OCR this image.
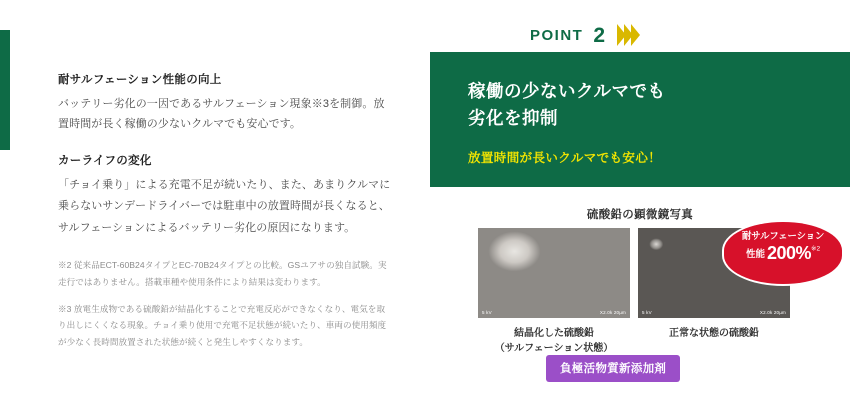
耐サルフェーション性能の向上

バッテリー劣化の一因であるサルフェーション現象※3を制御。放置時間が長く稼働の少ないクルマでも安心です。

カーライフの変化

「チョイ乗り」による充電不足が続いたり、また、あまりクルマに乗らないサンデードライバーでは駐車中の放置時間が長くなると、サルフェーションによるバッテリー劣化の原因になります。

※2 従来品ECT-60B24タイプとEC-70B24タイプとの比較。GSユアサの独自試験。実走行ではありません。搭載車種や使用条件により結果は変わります。

※3 放電生成物である硫酸鉛が結晶化することで充電反応ができなくなり、電気を取り出しにくくなる現象。チョイ乗り使用で充電不足状態が続いたり、車両の使用頻度が少なく長時間放置された状態が続くと発生しやすくなります。

POINT 2
稼働の少ないクルマでも
劣化を抑制
放置時間が長いクルマでも安心！
硫酸鉛の顕微鏡写真
5 kV	X2.0k 20µm
結晶化した硫酸鉛
（サルフェーション状態）
5 kV	X2.0k 20µm
正常な状態の硫酸鉛
耐サルフェーション
性能 200%$^{※2}$
負極活物質新添加剤
